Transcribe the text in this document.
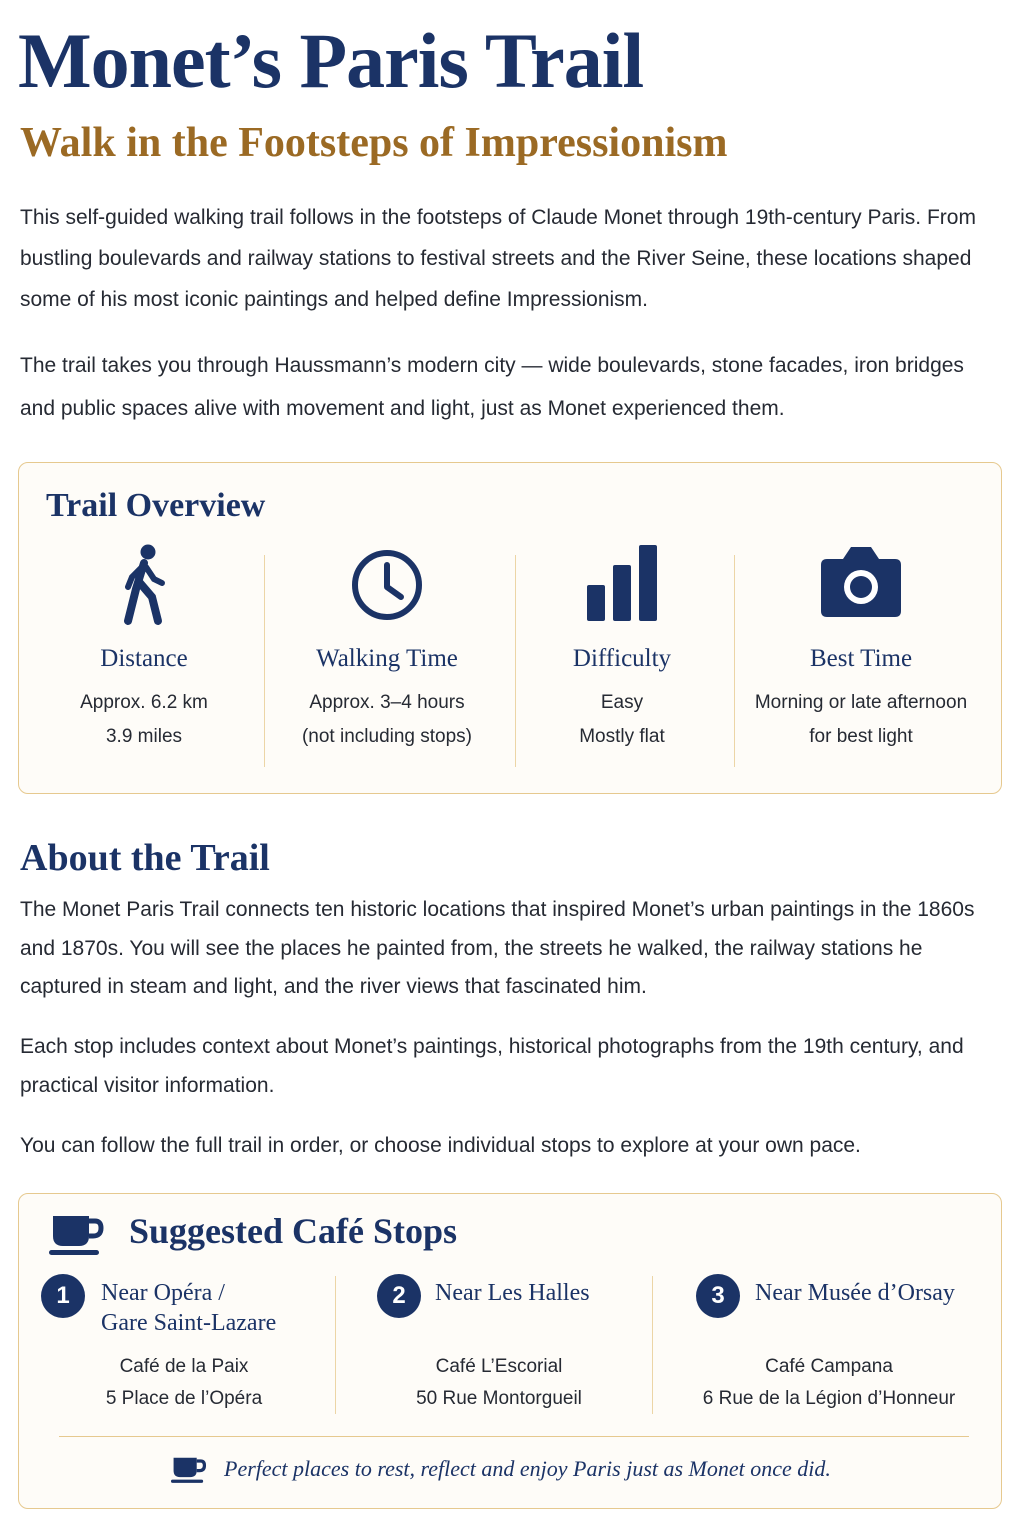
Monet’s Paris Trail
Walk in the Footsteps of Impressionism

This self-guided walking trail follows in the footsteps of Claude Monet through 19th-century Paris. From bustling boulevards and railway stations to festival streets and the River Seine, these locations shaped some of his most iconic paintings and helped define Impressionism.

The trail takes you through Haussmann’s modern city — wide boulevards, stone facades, iron bridges and public spaces alive with movement and light, just as Monet experienced them.

Trail Overview
Distance
Approx. 6.2 km
3.9 miles
Walking Time
Approx. 3–4 hours
(not including stops)
Difficulty
Easy
Mostly flat
Best Time
Morning or late afternoon
for best light
About the Trail

The Monet Paris Trail connects ten historic locations that inspired Monet’s urban paintings in the 1860s and 1870s. You will see the places he painted from, the streets he walked, the railway stations he captured in steam and light, and the river views that fascinated him.

Each stop includes context about Monet’s paintings, historical photographs from the 19th century, and practical visitor information.

You can follow the full trail in order, or choose individual stops to explore at your own pace.

Suggested Café Stops
1	Near Opéra /
Gare Saint-Lazare
Café de la Paix
5 Place de l’Opéra
2	Near Les Halles
Café L’Escorial
50 Rue Montorgueil
3	Near Musée d’Orsay
Café Campana
6 Rue de la Légion d’Honneur
Perfect places to rest, reflect and enjoy Paris just as Monet once did.
